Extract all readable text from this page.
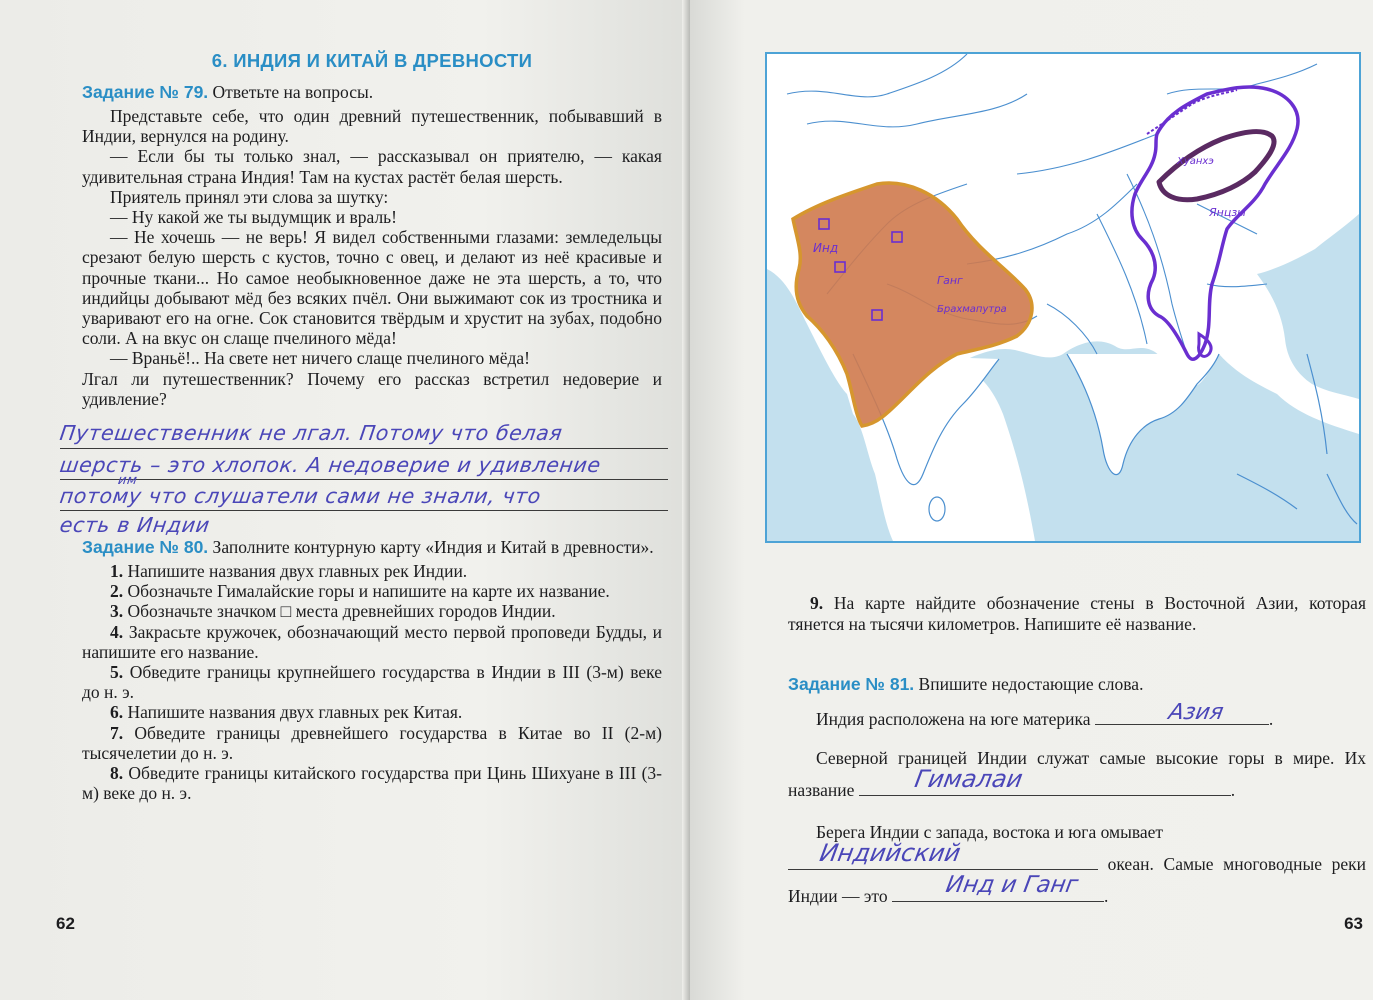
6. ИНДИЯ И КИТАЙ В ДРЕВНОСТИ
Задание № 79. Ответьте на вопросы.

Представьте себе, что один древний путешественник, побывавший в Индии, вернулся на родину.

— Если бы ты только знал, — рассказывал он приятелю, — какая удивительная страна Индия! Там на кустах растёт белая шерсть.

Приятель принял эти слова за шутку:

— Ну какой же ты выдумщик и враль!

— Не хочешь — не верь! Я видел собственными глазами: земледельцы срезают белую шерсть с кустов, точно с овец, и делают из неё красивые и прочные ткани... Но самое необыкновенное даже не эта шерсть, а то, что индийцы добывают мёд без всяких пчёл. Они выжимают сок из тростника и уваривают его на огне. Сок становится твёрдым и хрустит на зубах, подобно соли. А на вкус он слаще пчелиного мёда!

— Враньё!.. На свете нет ничего слаще пчелиного мёда!

Лгал ли путешественник? Почему его рассказ встретил недоверие и удивление?

Путешественник не лгал. Потому что белая
шерсть – это хлопок. А недоверие и удивление
им
потому что слушатели сами не знали, что
есть в Индии
Задание № 80. Заполните контурную карту «Индия и Китай в древности».

1. Напишите названия двух главных рек Индии.

2. Обозначьте Гималайские горы и напишите на карте их название.

3. Обозначьте значком □ места древнейших городов Индии.

4. Закрасьте кружочек, обозначающий место первой проповеди Будды, и напишите его название.

5. Обведите границы крупнейшего государства в Индии в III (3-м) веке до н. э.

6. Напишите названия двух главных рек Китая.

7. Обведите границы древнейшего государства в Китае во II (2-м) тысячелетии до н. э.

8. Обведите границы китайского государства при Цинь Шихуане в III (3-м) веке до н. э.

62
Инд
Ганг
Брахмапутра
Хуанхэ
Янцзы

9. На карте найдите обозначение стены в Восточной Азии, которая тянется на тысячи километров. Напишите её название.

Задание № 81. Впишите недостающие слова.

Индия расположена на юге материка	Азия	.

Северной границей Индии служат самые высокие горы в мире. Их название	Гималаи	.

Берега Индии с запада, востока и юга омывает

Индийский	океан. Самые многоводные реки Индии — это	Инд и Ганг	.

63
